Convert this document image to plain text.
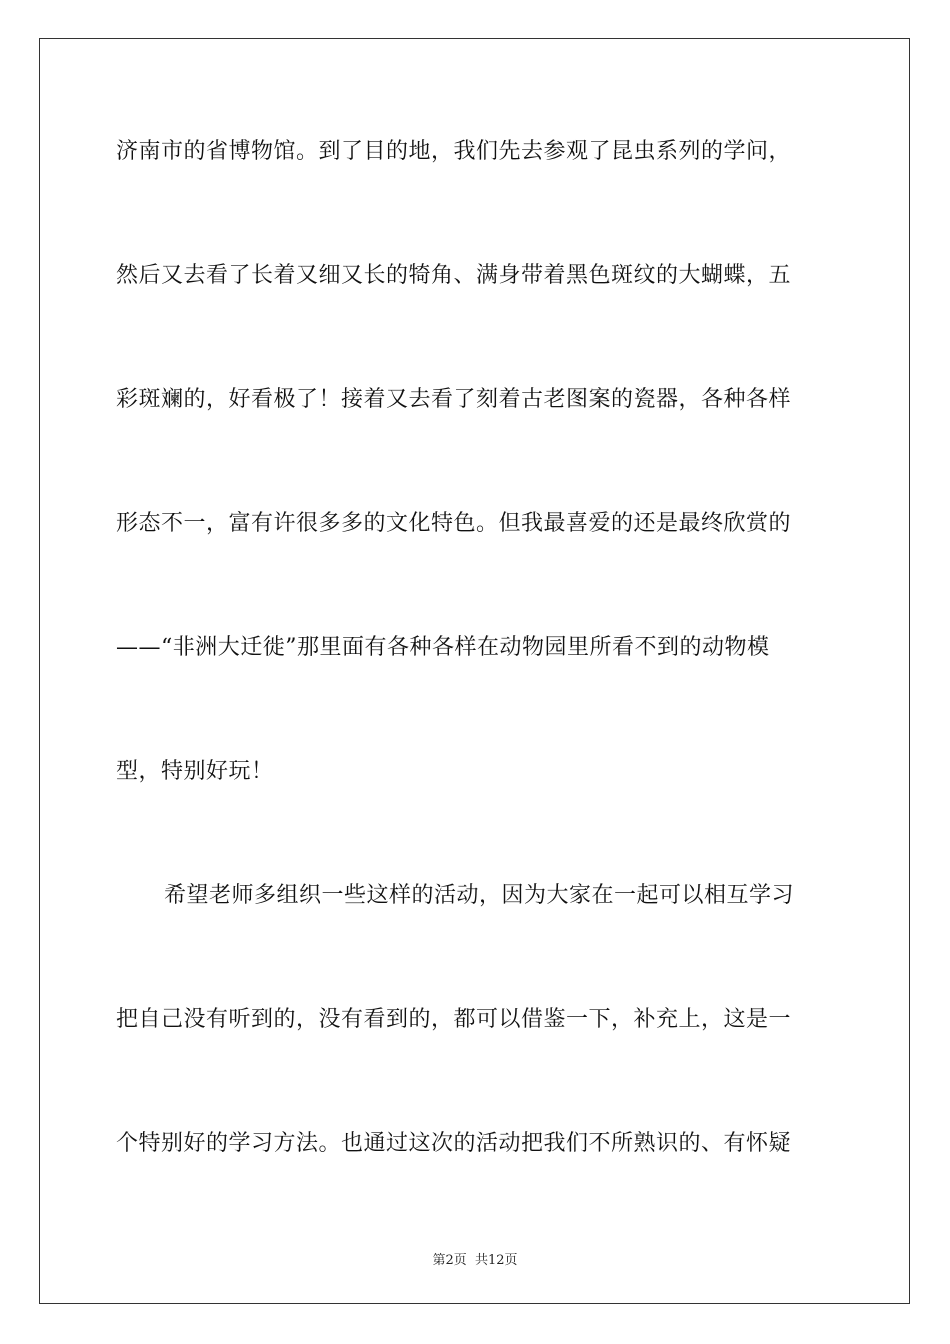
济南市的省博物馆。到了目的地，我们先去参观了昆虫系列的学问，
然后又去看了长着又细又长的犄角、满身带着黑色斑纹的大蝴蝶，五
彩斑斓的，好看极了！接着又去看了刻着古老图案的瓷器，各种各样
形态不一，富有许很多多的文化特色。但我最喜爱的还是最终欣赏的
——“非洲大迁徙”那里面有各种各样在动物园里所看不到的动物模
型，特别好玩！
希望老师多组织一些这样的活动，因为大家在一起可以相互学习
把自己没有听到的，没有看到的，都可以借鉴一下，补充上，这是一
个特别好的学习方法。也通过这次的活动把我们不所熟识的、有怀疑
第2页 共12页
